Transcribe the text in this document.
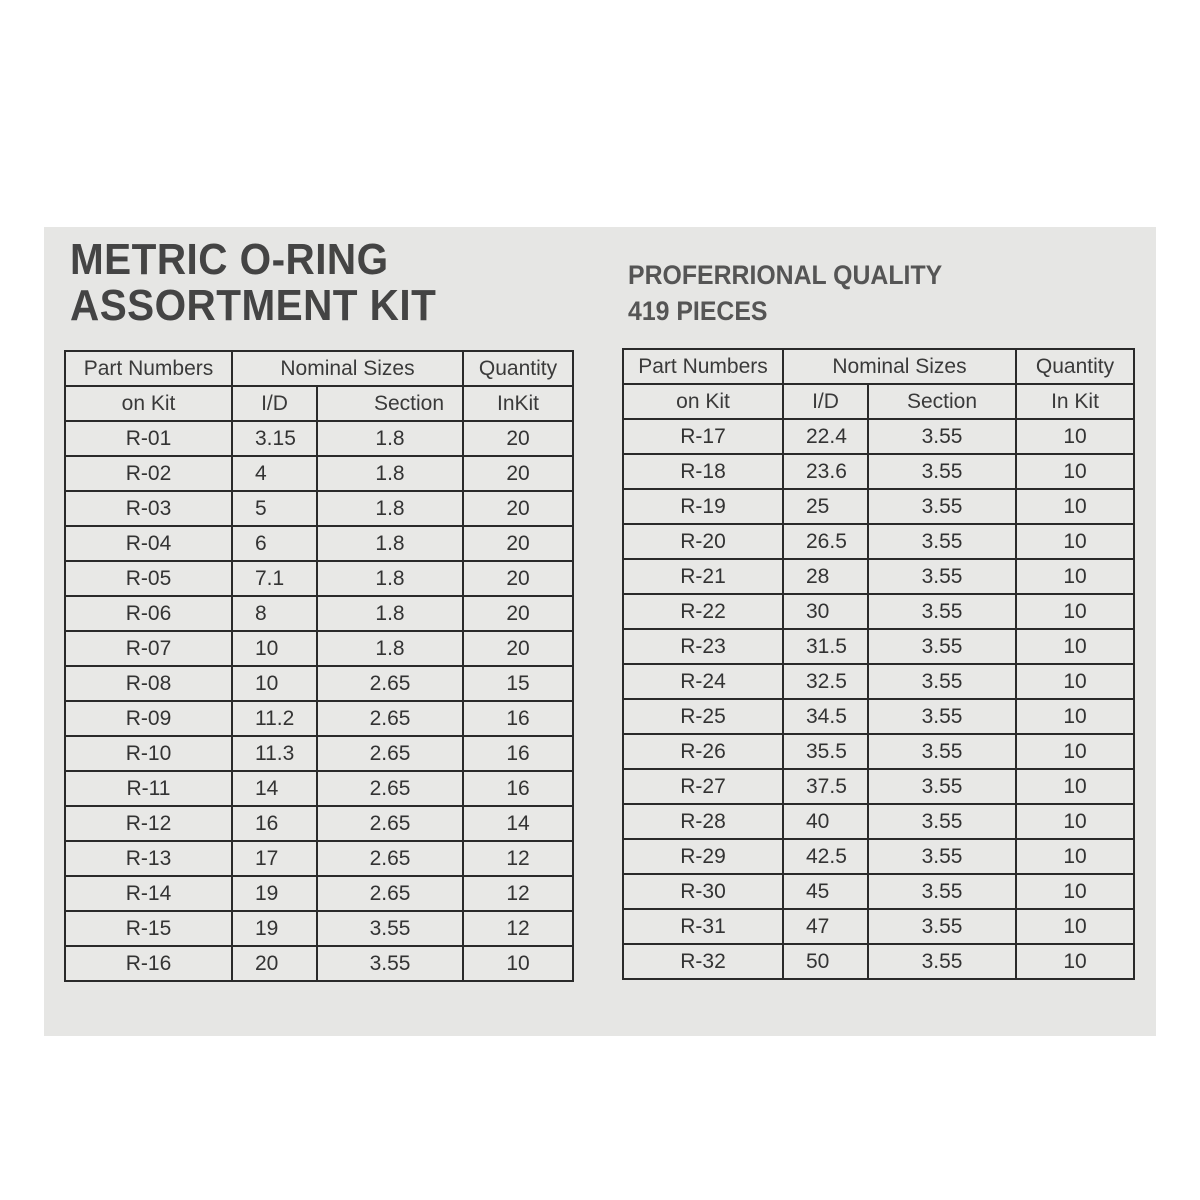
METRIC O-RING
ASSORTMENT KIT
PROFERRIONAL QUALITY
419 PIECES
Part Numbers	Nominal Sizes		Quantity
on Kit	I/D	Section	InKit
R-01	3.15	1.8	20
R-02	4	1.8	20
R-03	5	1.8	20
R-04	6	1.8	20
R-05	7.1	1.8	20
R-06	8	1.8	20
R-07	10	1.8	20
R-08	10	2.65	15
R-09	11.2	2.65	16
R-10	11.3	2.65	16
R-11	14	2.65	16
R-12	16	2.65	14
R-13	17	2.65	12
R-14	19	2.65	12
R-15	19	3.55	12
R-16	20	3.55	10
Part Numbers	Nominal Sizes		Quantity
on Kit	I/D	Section	In Kit
R-17	22.4	3.55	10
R-18	23.6	3.55	10
R-19	25	3.55	10
R-20	26.5	3.55	10
R-21	28	3.55	10
R-22	30	3.55	10
R-23	31.5	3.55	10
R-24	32.5	3.55	10
R-25	34.5	3.55	10
R-26	35.5	3.55	10
R-27	37.5	3.55	10
R-28	40	3.55	10
R-29	42.5	3.55	10
R-30	45	3.55	10
R-31	47	3.55	10
R-32	50	3.55	10
